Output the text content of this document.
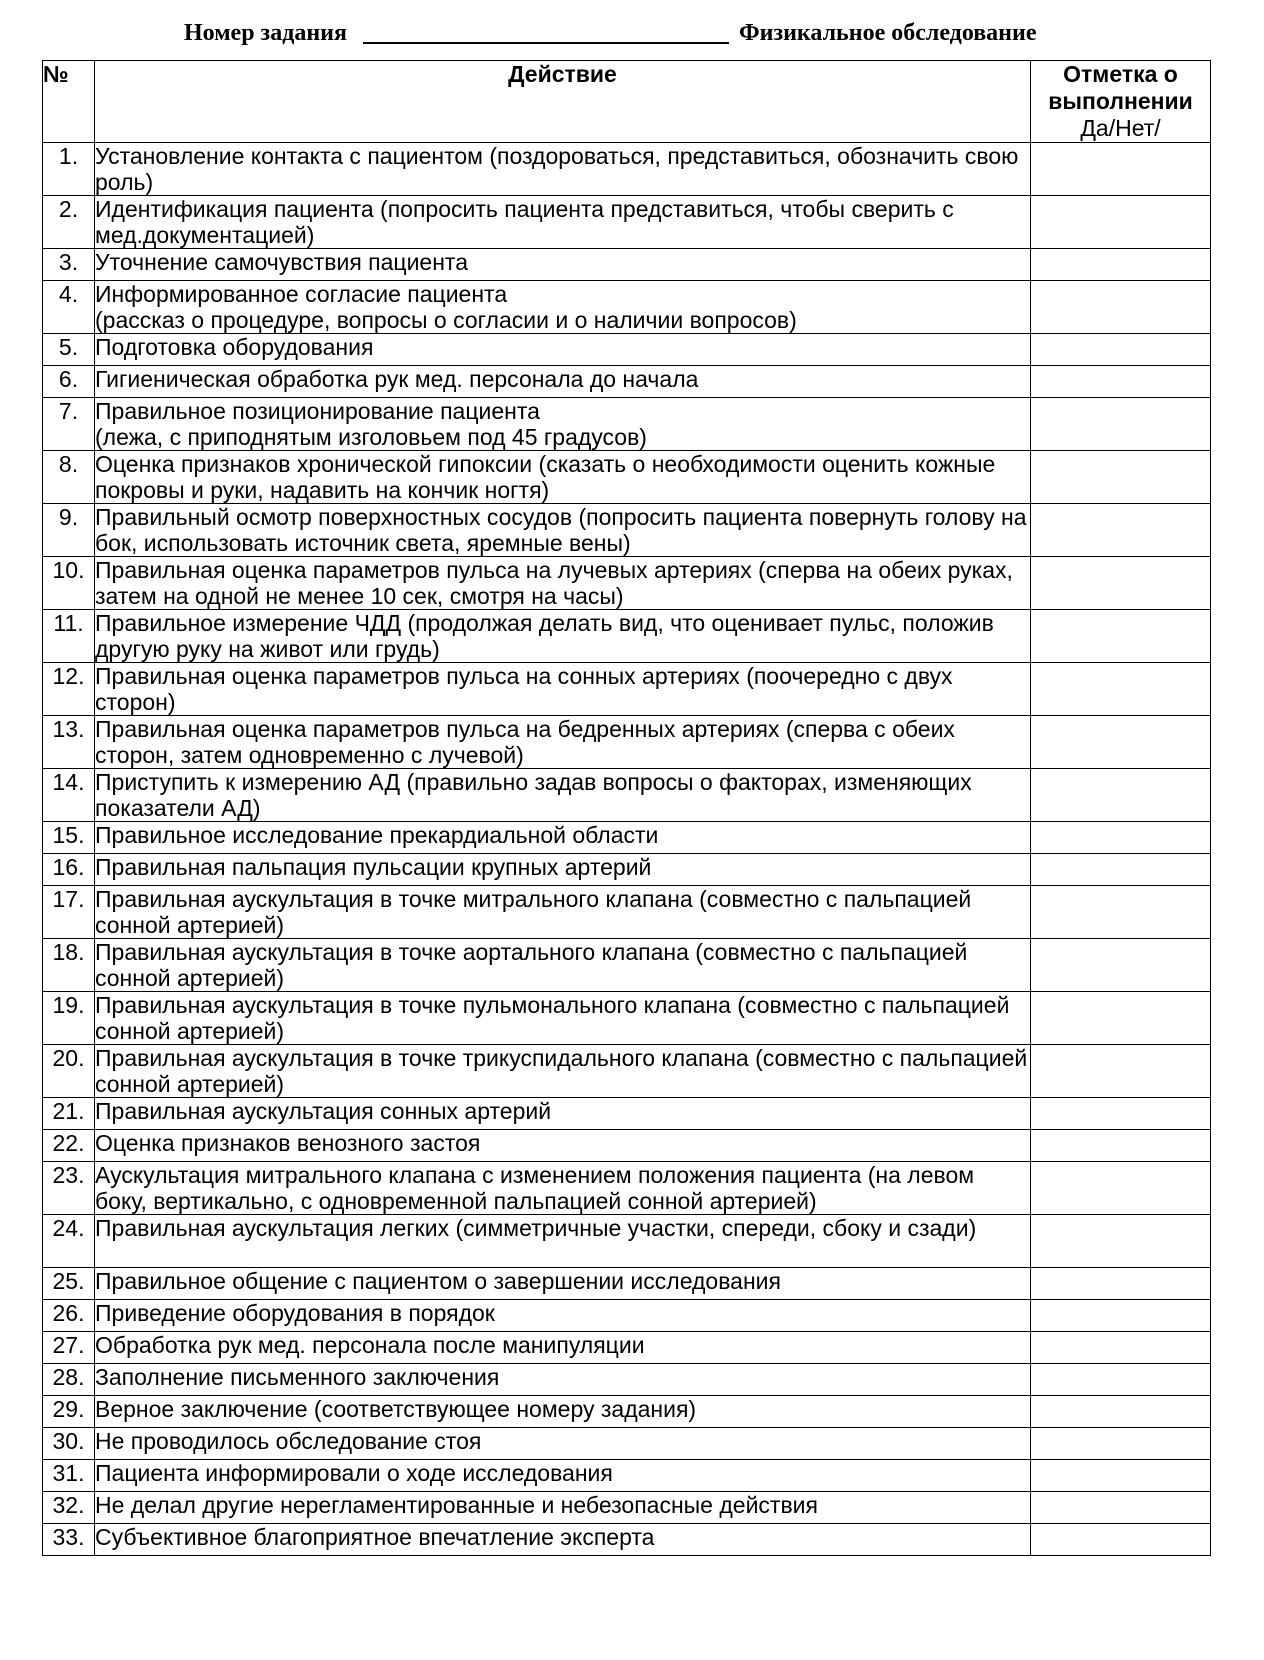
Номер задания	Физикальное обследование
№	Действие	Отметка о
выполнении
Да/Нет/

1.	Установление контакта с пациентом (поздороваться, представиться, обозначить свою роль)	
2.	Идентификация пациента (попросить пациента представиться, чтобы сверить с мед.документацией)	
3.	Уточнение самочувствия пациента	
4.	Информированное согласие пациента
(рассказ о процедуре, вопросы о согласии и о наличии вопросов)	
5.	Подготовка оборудования	
6.	Гигиеническая обработка рук мед. персонала до начала	
7.	Правильное позиционирование пациента
(лежа, с приподнятым изголовьем под 45 градусов)	
8.	Оценка признаков хронической гипоксии (сказать о необходимости оценить кожные покровы и руки, надавить на кончик ногтя)	
9.	Правильный осмотр поверхностных сосудов (попросить пациента повернуть голову на бок, использовать источник света, яремные вены)	
10.	Правильная оценка параметров пульса на лучевых артериях (сперва на обеих руках, затем на одной не менее 10 сек, смотря на часы)	
11.	Правильное измерение ЧДД (продолжая делать вид, что оценивает пульс, положив другую руку на живот или грудь)	
12.	Правильная оценка параметров пульса на сонных артериях (поочередно с двух сторон)	
13.	Правильная оценка параметров пульса на бедренных артериях (сперва с обеих сторон, затем одновременно с лучевой)	
14.	Приступить к измерению АД (правильно задав вопросы о факторах, изменяющих показатели АД)	
15.	Правильное исследование прекардиальной области	
16.	Правильная пальпация пульсации крупных артерий	
17.	Правильная аускультация в точке митрального клапана (совместно с пальпацией сонной артерией)	
18.	Правильная аускультация в точке аортального клапана (совместно с пальпацией сонной артерией)	
19.	Правильная аускультация в точке пульмонального клапана (совместно с пальпацией сонной артерией)	
20.	Правильная аускультация в точке трикуспидального клапана (совместно с пальпацией сонной артерией)	
21.	Правильная аускультация сонных артерий	
22.	Оценка признаков венозного застоя	
23.	Аускультация митрального клапана с изменением положения пациента (на левом боку, вертикально, с одновременной пальпацией сонной артерией)	
24.	Правильная аускультация легких (симметричные участки, спереди, сбоку и сзади)	
25.	Правильное общение с пациентом о завершении исследования	
26.	Приведение оборудования в порядок	
27.	Обработка рук мед. персонала после манипуляции	
28.	Заполнение письменного заключения	
29.	Верное заключение (соответствующее номеру задания)	
30.	Не проводилось обследование стоя	
31.	Пациента информировали о ходе исследования	
32.	Не делал другие нерегламентированные и небезопасные действия	
33.	Субъективное благоприятное впечатление эксперта	
